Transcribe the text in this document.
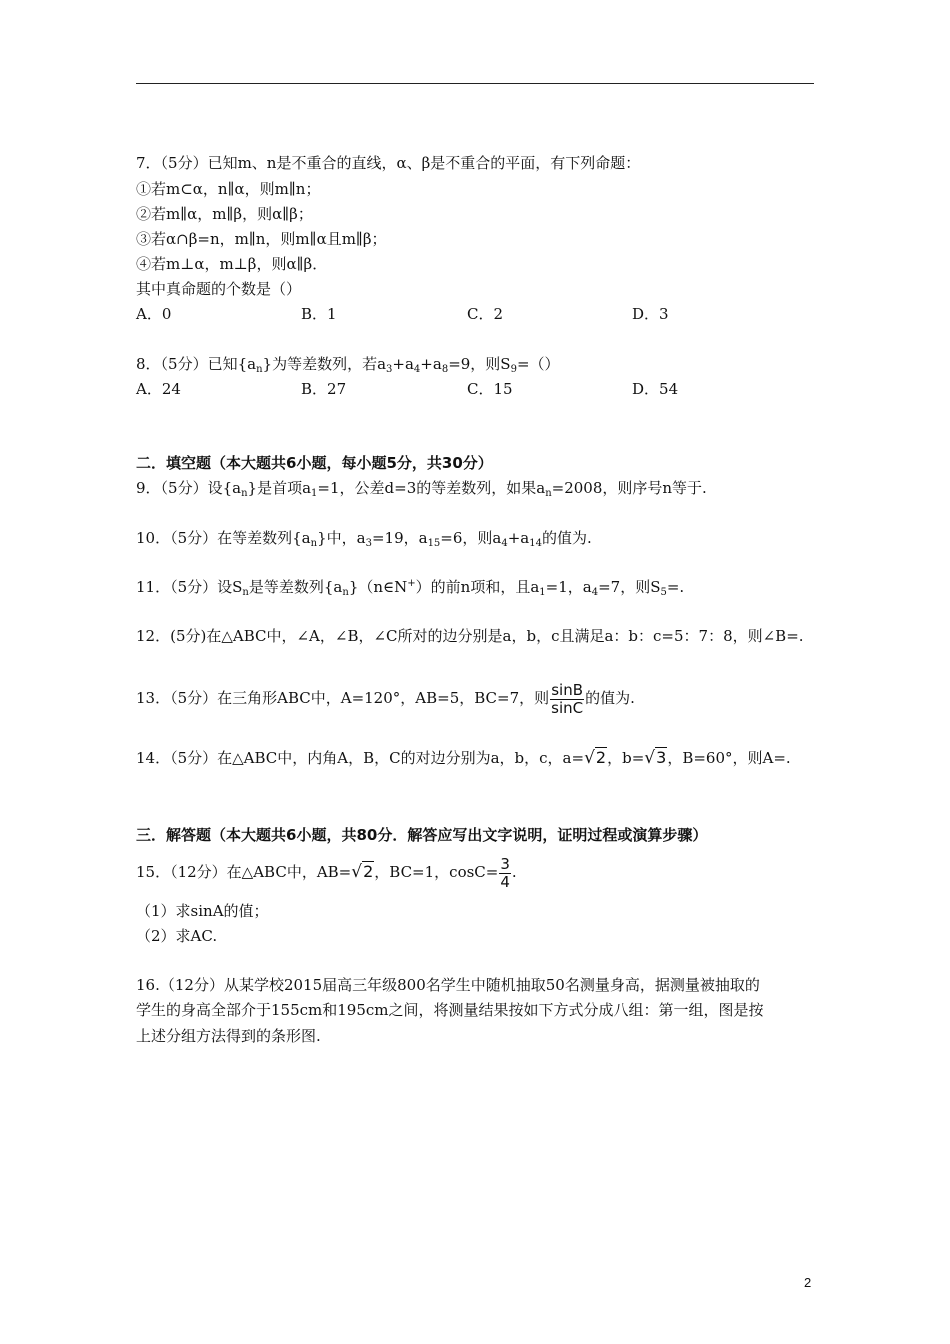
7．（5分）已知m、n是不重合的直线，α、β是不重合的平面，有下列命题：
①若m⊂α，n∥α，则m∥n；
②若m∥α，m∥β，则α∥β；
③若α∩β=n，m∥n，则m∥α且m∥β；
④若m⊥α，m⊥β，则α∥β．
其中真命题的个数是（）
A．0	B．1	C．2	D．3
8．（5分）已知$\{a_n\}$为等差数列，若$a_3+a_4+a_8=9$，则$S_9=()$
A．24	B．27	C．15	D．54
二．填空题（本大题共6小题，每小题5分，共30分）
9．（5分）设$\{a_n\}$是首项$a_1=1$，公差d=3的等差数列，如果$a_n=2008$，则序号n等于.
10．（5分）在等差数列$\{a_n\}$中，$a_3=19$，$a_{15}=6$，则$a_4+a_{14}$的值为.
11．（5分）设$S_n$是等差数列$\{a_n\}(n\in N^+)$的前n项和，且$a_1=1$，$a_4=7$，则$S_5=$.
12．(5分)在△ABC中，∠A，∠B，∠C所对的边分别是a，b，c且满足a：b：c=5：7：8，则∠B=.
13．（5分）在三角形ABC中，A=120°，AB=5，BC=7，则 $\frac{\sin B}{\sin C}$ 的值为.
14．（5分）在△ABC中，内角A，B，C的对边分别为a，b，c，a=√2，b=√3，B=60°，则A=.
三．解答题（本大题共6小题，共80分．解答应写出文字说明，证明过程或演算步骤）
15．（12分）在△ABC中，AB=√2，BC=1，$\cos C= \frac{3}{4}$ .
（1）求sinA的值；
（2）求AC.
16.（12分）从某学校2015届高三年级800名学生中随机抽取50名测量身高，据测量被抽取的
学生的身高全部介于155cm和195cm之间，将测量结果按如下方式分成八组：第一组，图是按
上述分组方法得到的条形图.
2
